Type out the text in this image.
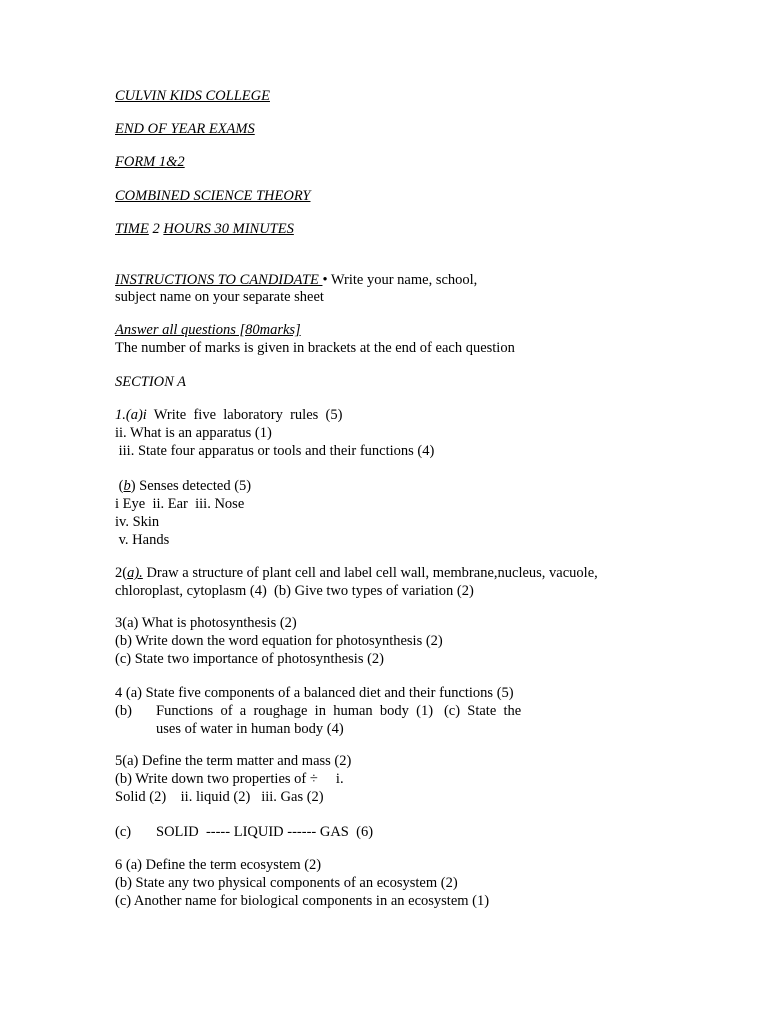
CULVIN KIDS COLLEGE
END OF YEAR EXAMS
FORM 1&2
COMBINED SCIENCE THEORY
TIME 2 HOURS 30 MINUTES
INSTRUCTIONS TO CANDIDATE • Write your name, school,
subject name on your separate sheet
Answer all questions [80marks]
The number of marks is given in brackets at the end of each question
SECTION A
1.(a)i  Write  five  laboratory  rules  (5)
ii. What is an apparatus (1)
iii. State four apparatus or tools and their functions (4)
(b) Senses detected (5)
i Eye  ii. Ear  iii. Nose
iv. Skin
v. Hands
2(a). Draw a structure of plant cell and label cell wall, membrane,nucleus, vacuole,
chloroplast, cytoplasm (4)  (b) Give two types of variation (2)
3(a) What is photosynthesis (2)
(b) Write down the word equation for photosynthesis (2)
(c) State two importance of photosynthesis (2)
4 (a) State five components of a balanced diet and their functions (5)
(b) Functions  of  a  roughage  in  human  body  (1)   (c)  State  the
uses of water in human body (4)
5(a) Define the term matter and mass (2)
(b) Write down two properties of ÷     i.
Solid (2)    ii. liquid (2)   iii. Gas (2)
(c) SOLID  ----- LIQUID ------ GAS  (6)
6 (a) Define the term ecosystem (2)
(b) State any two physical components of an ecosystem (2)
(c) Another name for biological components in an ecosystem (1)
